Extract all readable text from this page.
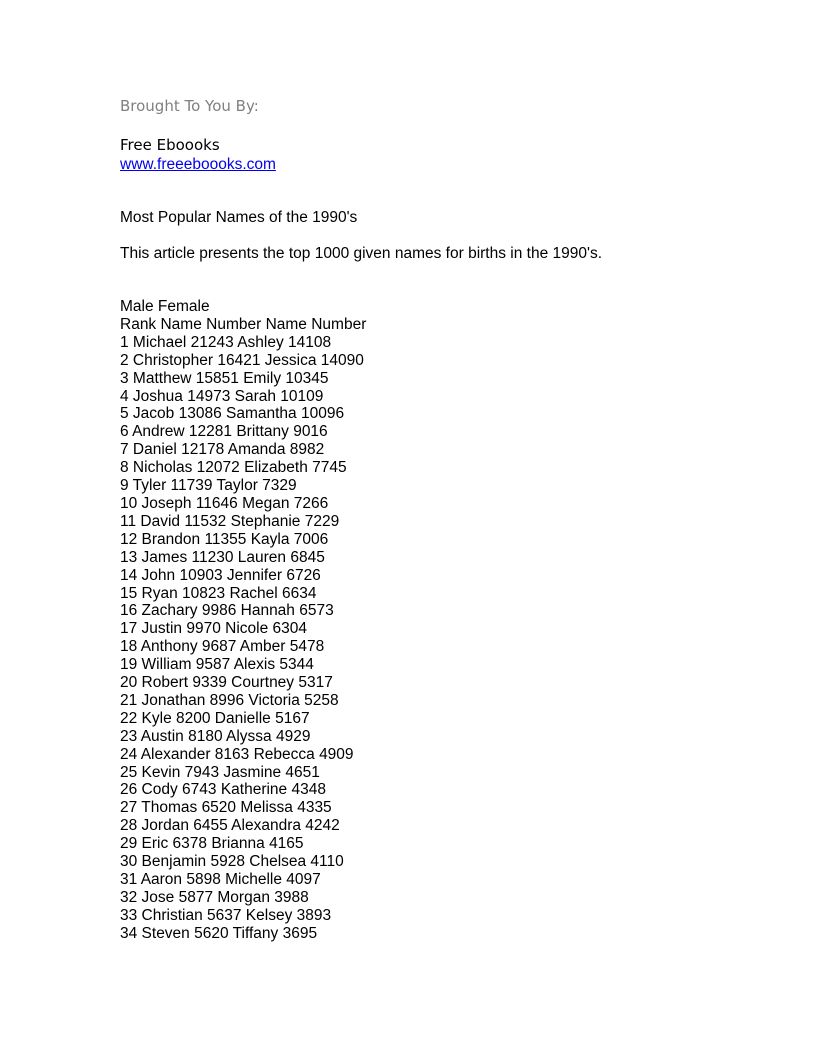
Brought To You By:
Free Eboooks
www.freeeboooks.com
Most Popular Names of the 1990's
This article presents the top 1000 given names for births in the 1990's.
Male Female
Rank Name Number Name Number
1 Michael 21243 Ashley 14108
2 Christopher 16421 Jessica 14090
3 Matthew 15851 Emily 10345
4 Joshua 14973 Sarah 10109
5 Jacob 13086 Samantha 10096
6 Andrew 12281 Brittany 9016
7 Daniel 12178 Amanda 8982
8 Nicholas 12072 Elizabeth 7745
9 Tyler 11739 Taylor 7329
10 Joseph 11646 Megan 7266
11 David 11532 Stephanie 7229
12 Brandon 11355 Kayla 7006
13 James 11230 Lauren 6845
14 John 10903 Jennifer 6726
15 Ryan 10823 Rachel 6634
16 Zachary 9986 Hannah 6573
17 Justin 9970 Nicole 6304
18 Anthony 9687 Amber 5478
19 William 9587 Alexis 5344
20 Robert 9339 Courtney 5317
21 Jonathan 8996 Victoria 5258
22 Kyle 8200 Danielle 5167
23 Austin 8180 Alyssa 4929
24 Alexander 8163 Rebecca 4909
25 Kevin 7943 Jasmine 4651
26 Cody 6743 Katherine 4348
27 Thomas 6520 Melissa 4335
28 Jordan 6455 Alexandra 4242
29 Eric 6378 Brianna 4165
30 Benjamin 5928 Chelsea 4110
31 Aaron 5898 Michelle 4097
32 Jose 5877 Morgan 3988
33 Christian 5637 Kelsey 3893
34 Steven 5620 Tiffany 3695
